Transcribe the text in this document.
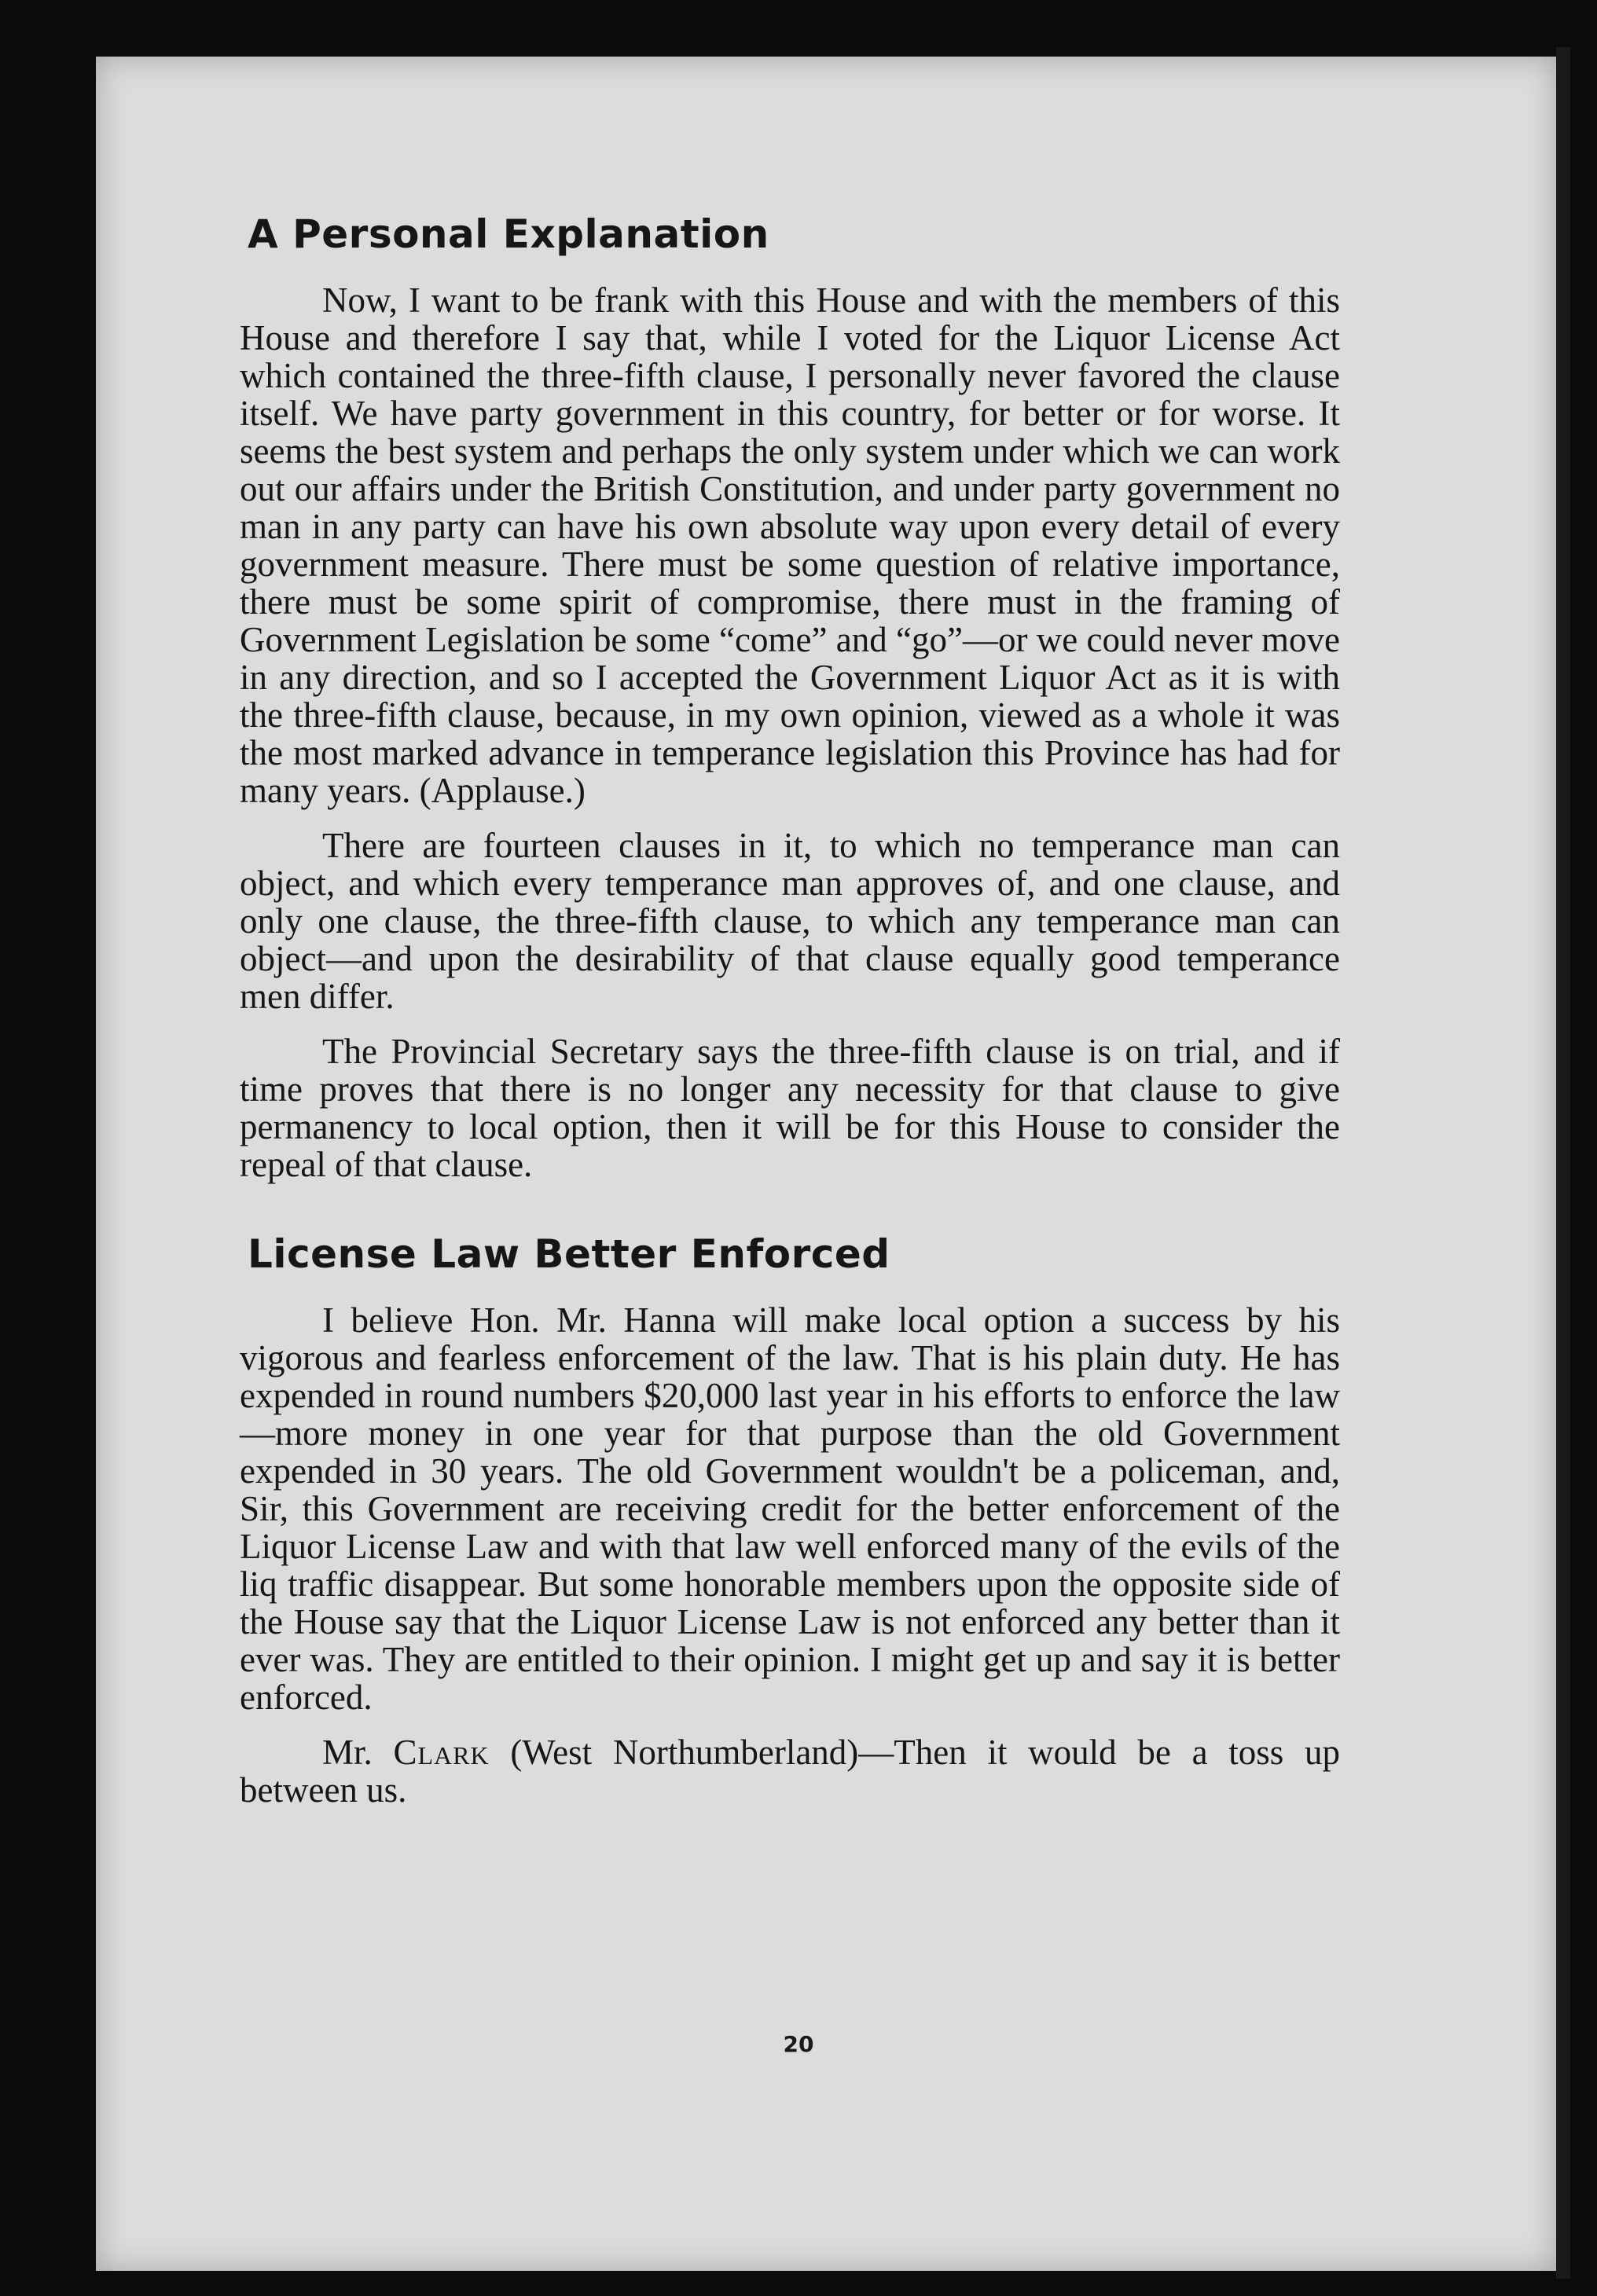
A Personal Explanation

Now, I want to be frank with this House and with the members of this House and therefore I say that, while I voted for the Liquor License Act which contained the three-fifth clause, I personally never favored the clause itself. We have party government in this country, for better or for worse. It seems the best system and perhaps the only system under which we can work out our affairs under the British Constitution, and under party government no man in any party can have his own absolute way upon every detail of every government measure. There must be some question of relative importance, there must be some spirit of compromise, there must in the framing of Government Legislation be some “come” and “go”—or we could never move in any direction, and so I accepted the Government Liquor Act as it is with the three-fifth clause, because, in my own opinion, viewed as a whole it was the most marked advance in temperance legislation this Province has had for many years. (Applause.)

There are fourteen clauses in it, to which no temperance man can object, and which every temperance man approves of, and one clause, and only one clause, the three-fifth clause, to which any temperance man can object—and upon the desirability of that clause equally good temperance men differ.

The Provincial Secretary says the three-fifth clause is on trial, and if time proves that there is no longer any necessity for that clause to give permanency to local option, then it will be for this House to consider the repeal of that clause.

License Law Better Enforced

I believe Hon. Mr. Hanna will make local option a success by his vigorous and fearless enforcement of the law. That is his plain duty. He has expended in round numbers $20,000 last year in his efforts to enforce the law—more money in one year for that purpose than the old Government expended in 30 years. The old Government wouldn't be a policeman, and, Sir, this Government are receiving credit for the better enforcement of the Liquor License Law and with that law well enforced many of the evils of the liq traffic disappear. But some honorable members upon the opposite side of the House say that the Liquor License Law is not enforced any better than it ever was. They are entitled to their opinion. I might get up and say it is better enforced.

Mr. Clark (West Northumberland)—Then it would be a toss up between us.

20
